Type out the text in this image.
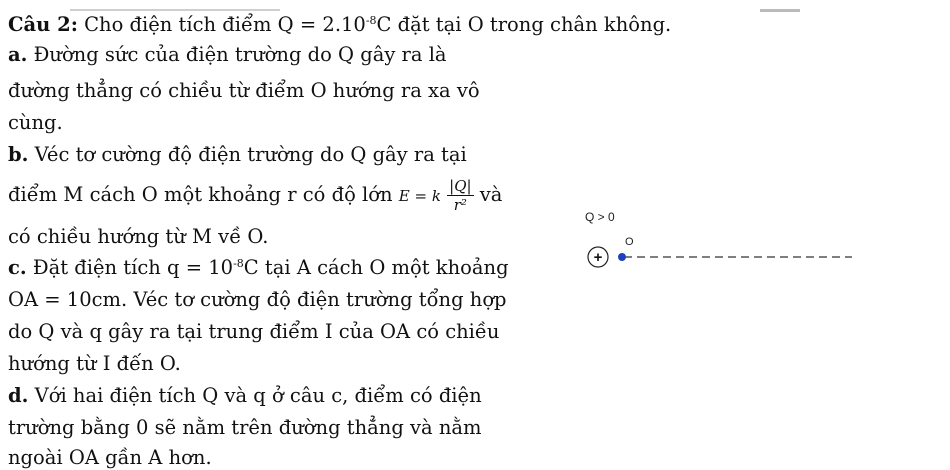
Câu 2: Cho điện tích điểm $Q = 2.10^{-8}C$ đặt tại O trong chân không.
a. Đường sức của điện trường do Q gây ra là
đường thẳng có chiều từ điểm O hướng ra xa vô
cùng.
b. Véc tơ cường độ điện trường do Q gây ra tại
điểm M cách O một khoảng r có độ lớn E = k $\frac{|Q|}{\text{r²}}$ và
có chiều hướng từ M về O.
c. Đặt điện tích $q = 10^{-8}C$ tại A cách O một khoảng
OA = 10cm. Véc tơ cường độ điện trường tổng hợp
do Q và q gây ra tại trung điểm I của OA có chiều
hướng từ I đến O.
d. Với hai điện tích Q và q ở câu c, điểm có điện
trường bằng 0 sẽ nằm trên đường thẳng và nằm
ngoài OA gần A hơn.
Q > 0
O
+
